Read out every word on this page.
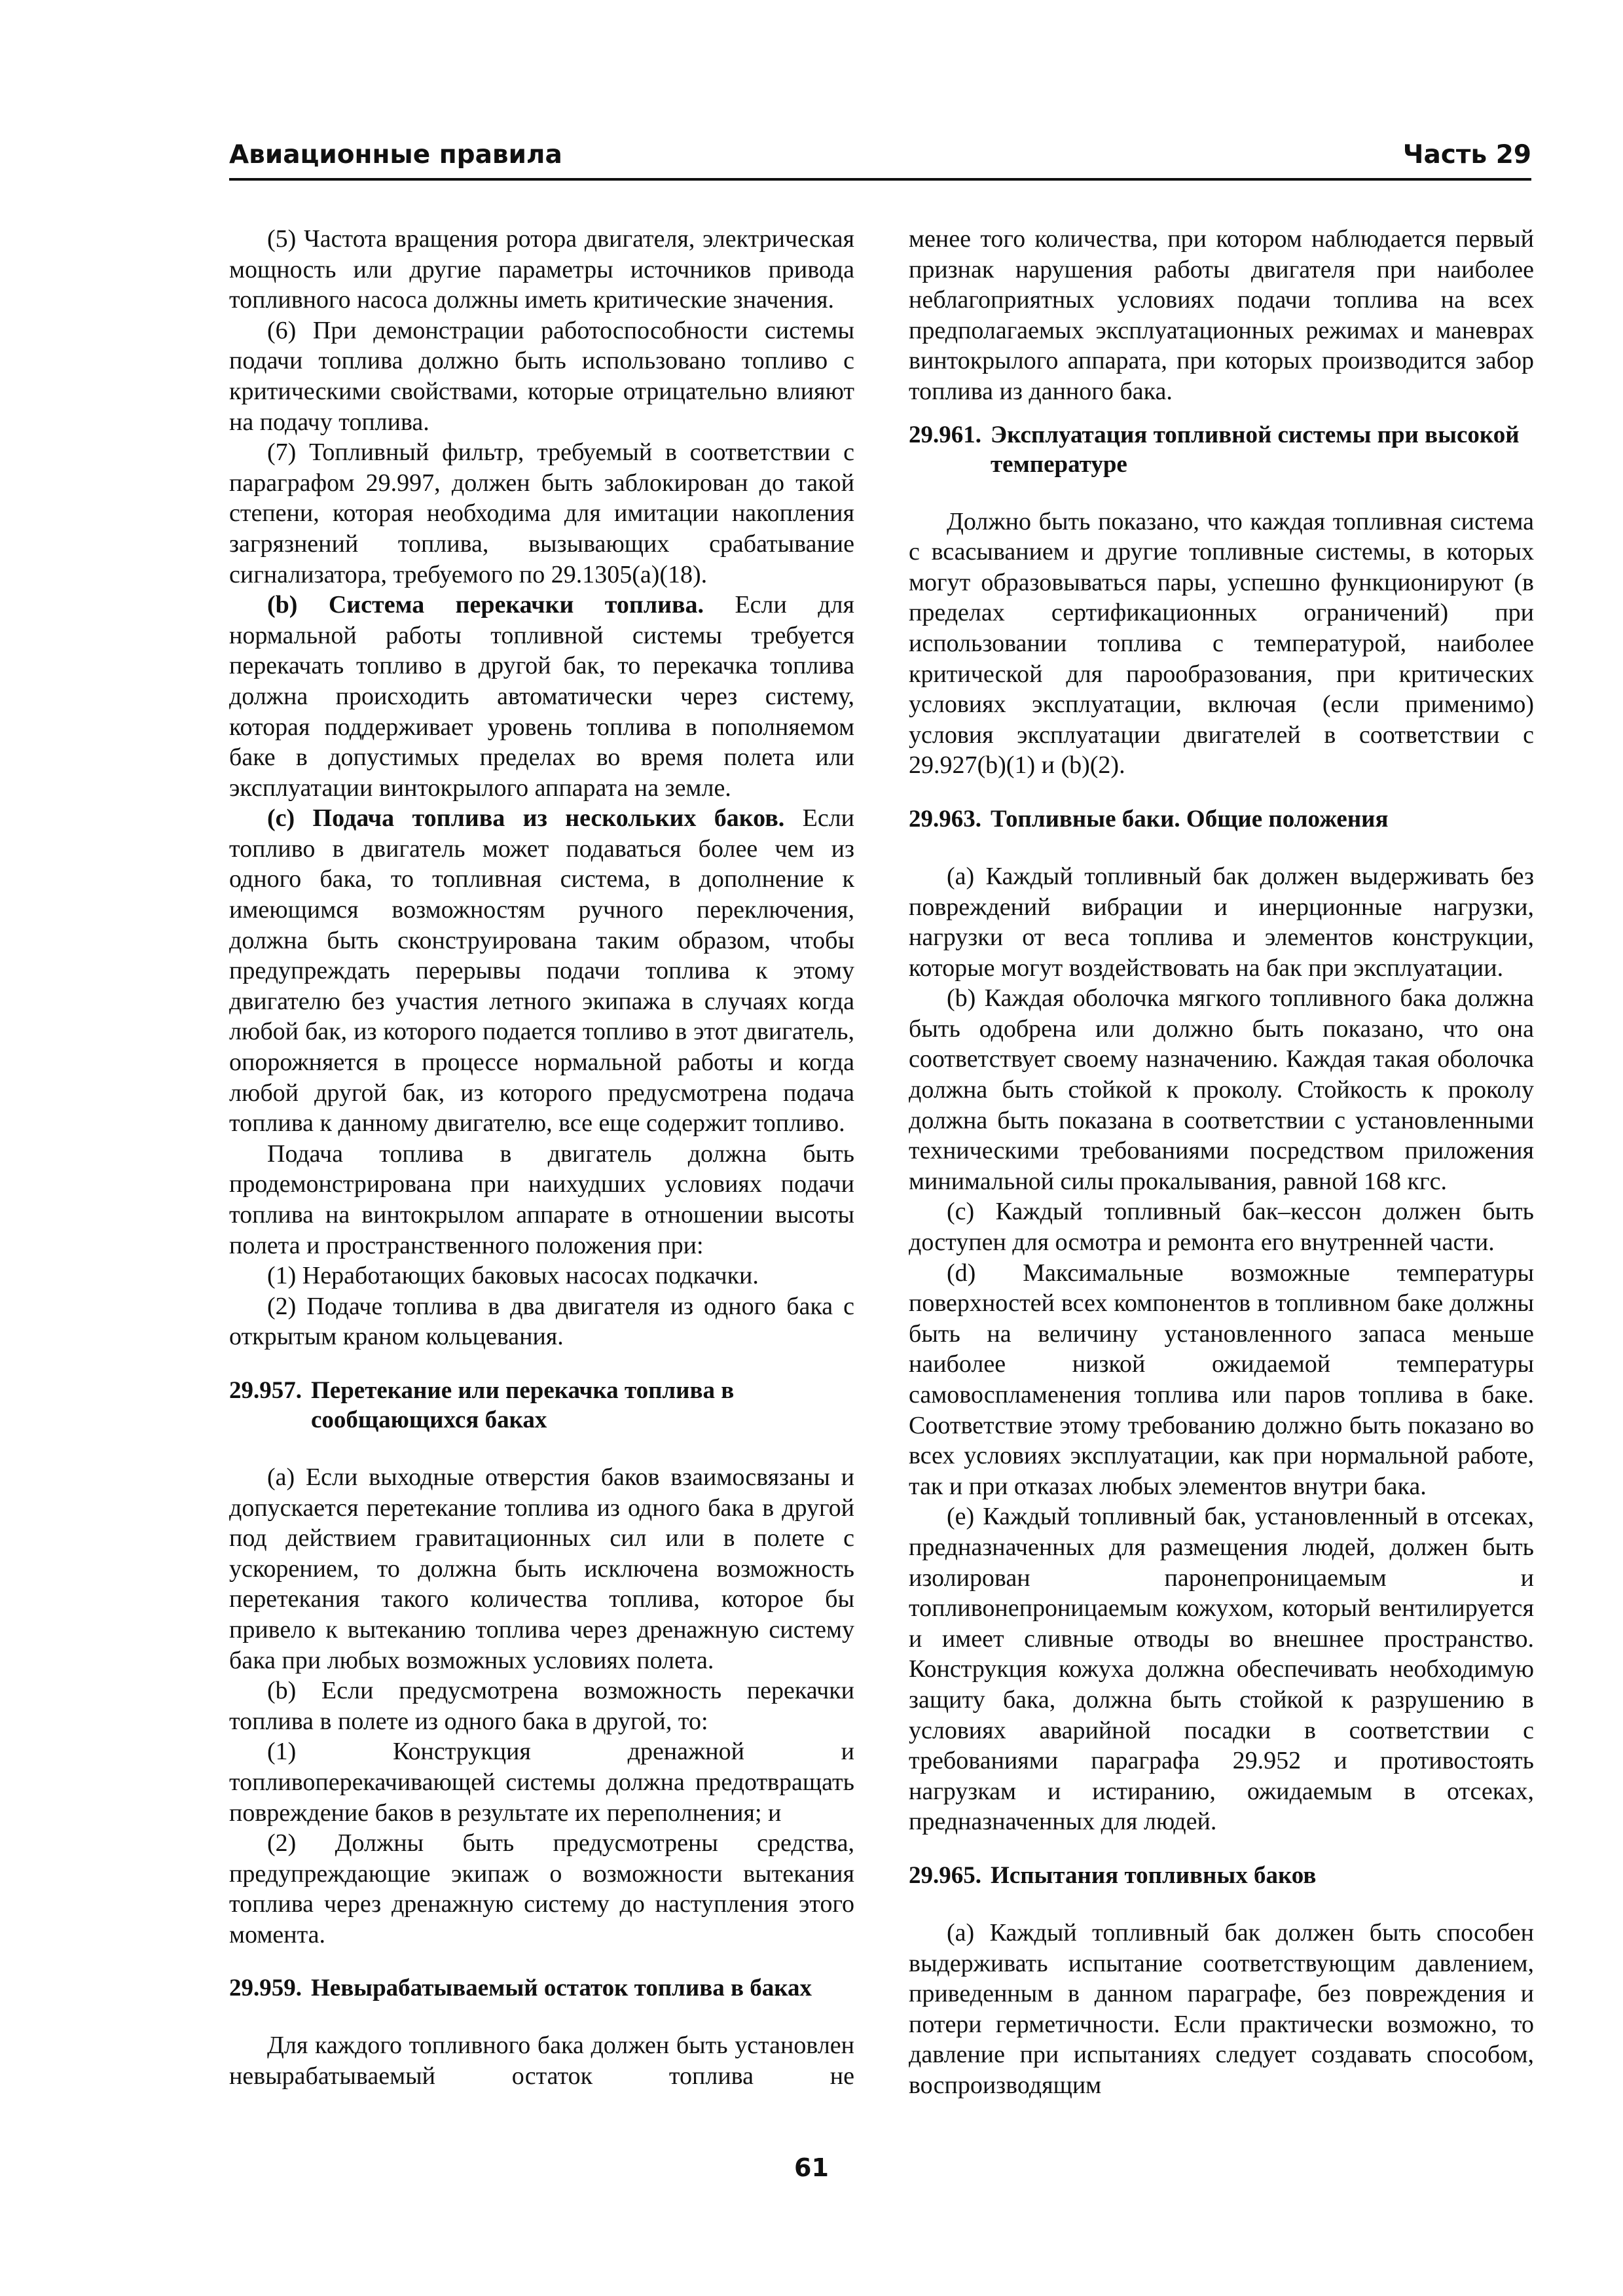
Авиационные правила	Часть 29

(5) Частота вращения ротора двигателя, электрическая мощность или другие параметры источников привода топливного насоса должны иметь критические значения.

(6) При демонстрации работоспособности системы подачи топлива должно быть использовано топливо с критическими свойствами, которые отрицательно влияют на подачу топлива.

(7) Топливный фильтр, требуемый в соответствии с параграфом 29.997, должен быть заблокирован до такой степени, которая необходима для имитации накопления загрязнений топлива, вызывающих срабатывание сигнализатора, требуемого по 29.1305(a)(18).

(b) Система перекачки топлива. Если для нормальной работы топливной системы требуется перекачать топливо в другой бак, то перекачка топлива должна происходить автоматически через систему, которая поддерживает уровень топлива в пополняемом баке в допустимых пределах во время полета или эксплуатации винтокрылого аппарата на земле.

(c) Подача топлива из нескольких баков. Если топливо в двигатель может подаваться более чем из одного бака, то топливная система, в дополнение к имеющимся возможностям ручного переключения, должна быть сконструирована таким образом, чтобы предупреждать перерывы подачи топлива к этому двигателю без участия летного экипажа в случаях когда любой бак, из которого подается топливо в этот двигатель, опорожняется в процессе нормальной работы и когда любой другой бак, из которого предусмотрена подача топлива к данному двигателю, все еще содержит топливо.

Подача топлива в двигатель должна быть продемонстрирована при наихудших условиях подачи топлива на винтокрылом аппарате в отношении высоты полета и пространственного положения при:

(1) Неработающих баковых насосах подкачки.

(2) Подаче топлива в два двигателя из одного бака с открытым краном кольцевания.

29.957. Перетекание или перекачка топлива в сообщающихся баках

(a) Если выходные отверстия баков взаимосвязаны и допускается перетекание топлива из одного бака в другой под действием гравитационных сил или в полете с ускорением, то должна быть исключена возможность перетекания такого количества топлива, которое бы привело к вытеканию топлива через дренажную систему бака при любых возможных условиях полета.

(b) Если предусмотрена возможность перекачки топлива в полете из одного бака в другой, то:

(1) Конструкция дренажной и топливоперекачивающей системы должна предотвращать повреждение баков в результате их переполнения; и

(2) Должны быть предусмотрены средства, предупреждающие экипаж о возможности вытекания топлива через дренажную систему до наступления этого момента.

29.959. Невырабатываемый остаток топлива в баках

Для каждого топливного бака должен быть установлен невырабатываемый остаток топлива не

менее того количества, при котором наблюдается первый признак нарушения работы двигателя при наиболее неблагоприятных условиях подачи топлива на всех предполагаемых эксплуатационных режимах и маневрах винтокрылого аппарата, при которых производится забор топлива из данного бака.

29.961. Эксплуатация топливной системы при высокой температуре

Должно быть показано, что каждая топливная система с всасыванием и другие топливные системы, в которых могут образовываться пары, успешно функционируют (в пределах сертификационных ограничений) при использовании топлива с температурой, наиболее критической для парообразования, при критических условиях эксплуатации, включая (если применимо) условия эксплуатации двигателей в соответствии с 29.927(b)(1) и (b)(2).

29.963. Топливные баки. Общие положения

(a) Каждый топливный бак должен выдерживать без повреждений вибрации и инерционные нагрузки, нагрузки от веса топлива и элементов конструкции, которые могут воздействовать на бак при эксплуатации.

(b) Каждая оболочка мягкого топливного бака должна быть одобрена или должно быть показано, что она соответствует своему назначению. Каждая такая оболочка должна быть стойкой к проколу. Стойкость к проколу должна быть показана в соответствии с установленными техническими требованиями посредством приложения минимальной силы прокалывания, равной 168 кгс.

(c) Каждый топливный бак–кессон должен быть доступен для осмотра и ремонта его внутренней части.

(d) Максимальные возможные температуры поверхностей всех компонентов в топливном баке должны быть на величину установленного запаса меньше наиболее низкой ожидаемой температуры самовоспламенения топлива или паров топлива в баке. Соответствие этому требованию должно быть показано во всех условиях эксплуатации, как при нормальной работе, так и при отказах любых элементов внутри бака.

(e) Каждый топливный бак, установленный в отсеках, предназначенных для размещения людей, должен быть изолирован паронепроницаемым и топливонепроницаемым кожухом, который вентилируется и имеет сливные отводы во внешнее пространство. Конструкция кожуха должна обеспечивать необходимую защиту бака, должна быть стойкой к разрушению в условиях аварийной посадки в соответствии с требованиями параграфа 29.952 и противостоять нагрузкам и истиранию, ожидаемым в отсеках, предназначенных для людей.

29.965. Испытания топливных баков

(a) Каждый топливный бак должен быть способен выдерживать испытание соответствующим давлением, приведенным в данном параграфе, без повреждения и потери герметичности. Если практически возможно, то давление при испытаниях следует создавать способом, воспроизводящим

61
